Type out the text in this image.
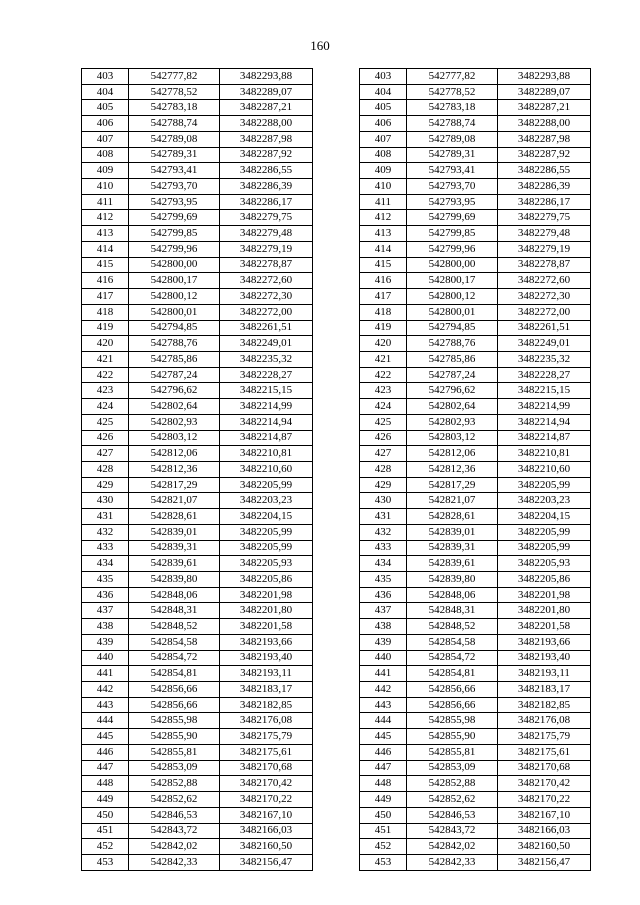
160
403	542777,82	3482293,88		403	542777,82	3482293,88
404	542778,52	3482289,07		404	542778,52	3482289,07
405	542783,18	3482287,21		405	542783,18	3482287,21
406	542788,74	3482288,00		406	542788,74	3482288,00
407	542789,08	3482287,98		407	542789,08	3482287,98
408	542789,31	3482287,92		408	542789,31	3482287,92
409	542793,41	3482286,55		409	542793,41	3482286,55
410	542793,70	3482286,39		410	542793,70	3482286,39
411	542793,95	3482286,17		411	542793,95	3482286,17
412	542799,69	3482279,75		412	542799,69	3482279,75
413	542799,85	3482279,48		413	542799,85	3482279,48
414	542799,96	3482279,19		414	542799,96	3482279,19
415	542800,00	3482278,87		415	542800,00	3482278,87
416	542800,17	3482272,60		416	542800,17	3482272,60
417	542800,12	3482272,30		417	542800,12	3482272,30
418	542800,01	3482272,00		418	542800,01	3482272,00
419	542794,85	3482261,51		419	542794,85	3482261,51
420	542788,76	3482249,01		420	542788,76	3482249,01
421	542785,86	3482235,32		421	542785,86	3482235,32
422	542787,24	3482228,27		422	542787,24	3482228,27
423	542796,62	3482215,15		423	542796,62	3482215,15
424	542802,64	3482214,99		424	542802,64	3482214,99
425	542802,93	3482214,94		425	542802,93	3482214,94
426	542803,12	3482214,87		426	542803,12	3482214,87
427	542812,06	3482210,81		427	542812,06	3482210,81
428	542812,36	3482210,60		428	542812,36	3482210,60
429	542817,29	3482205,99		429	542817,29	3482205,99
430	542821,07	3482203,23		430	542821,07	3482203,23
431	542828,61	3482204,15		431	542828,61	3482204,15
432	542839,01	3482205,99		432	542839,01	3482205,99
433	542839,31	3482205,99		433	542839,31	3482205,99
434	542839,61	3482205,93		434	542839,61	3482205,93
435	542839,80	3482205,86		435	542839,80	3482205,86
436	542848,06	3482201,98		436	542848,06	3482201,98
437	542848,31	3482201,80		437	542848,31	3482201,80
438	542848,52	3482201,58		438	542848,52	3482201,58
439	542854,58	3482193,66		439	542854,58	3482193,66
440	542854,72	3482193,40		440	542854,72	3482193,40
441	542854,81	3482193,11		441	542854,81	3482193,11
442	542856,66	3482183,17		442	542856,66	3482183,17
443	542856,66	3482182,85		443	542856,66	3482182,85
444	542855,98	3482176,08		444	542855,98	3482176,08
445	542855,90	3482175,79		445	542855,90	3482175,79
446	542855,81	3482175,61		446	542855,81	3482175,61
447	542853,09	3482170,68		447	542853,09	3482170,68
448	542852,88	3482170,42		448	542852,88	3482170,42
449	542852,62	3482170,22		449	542852,62	3482170,22
450	542846,53	3482167,10		450	542846,53	3482167,10
451	542843,72	3482166,03		451	542843,72	3482166,03
452	542842,02	3482160,50		452	542842,02	3482160,50
453	542842,33	3482156,47		453	542842,33	3482156,47
